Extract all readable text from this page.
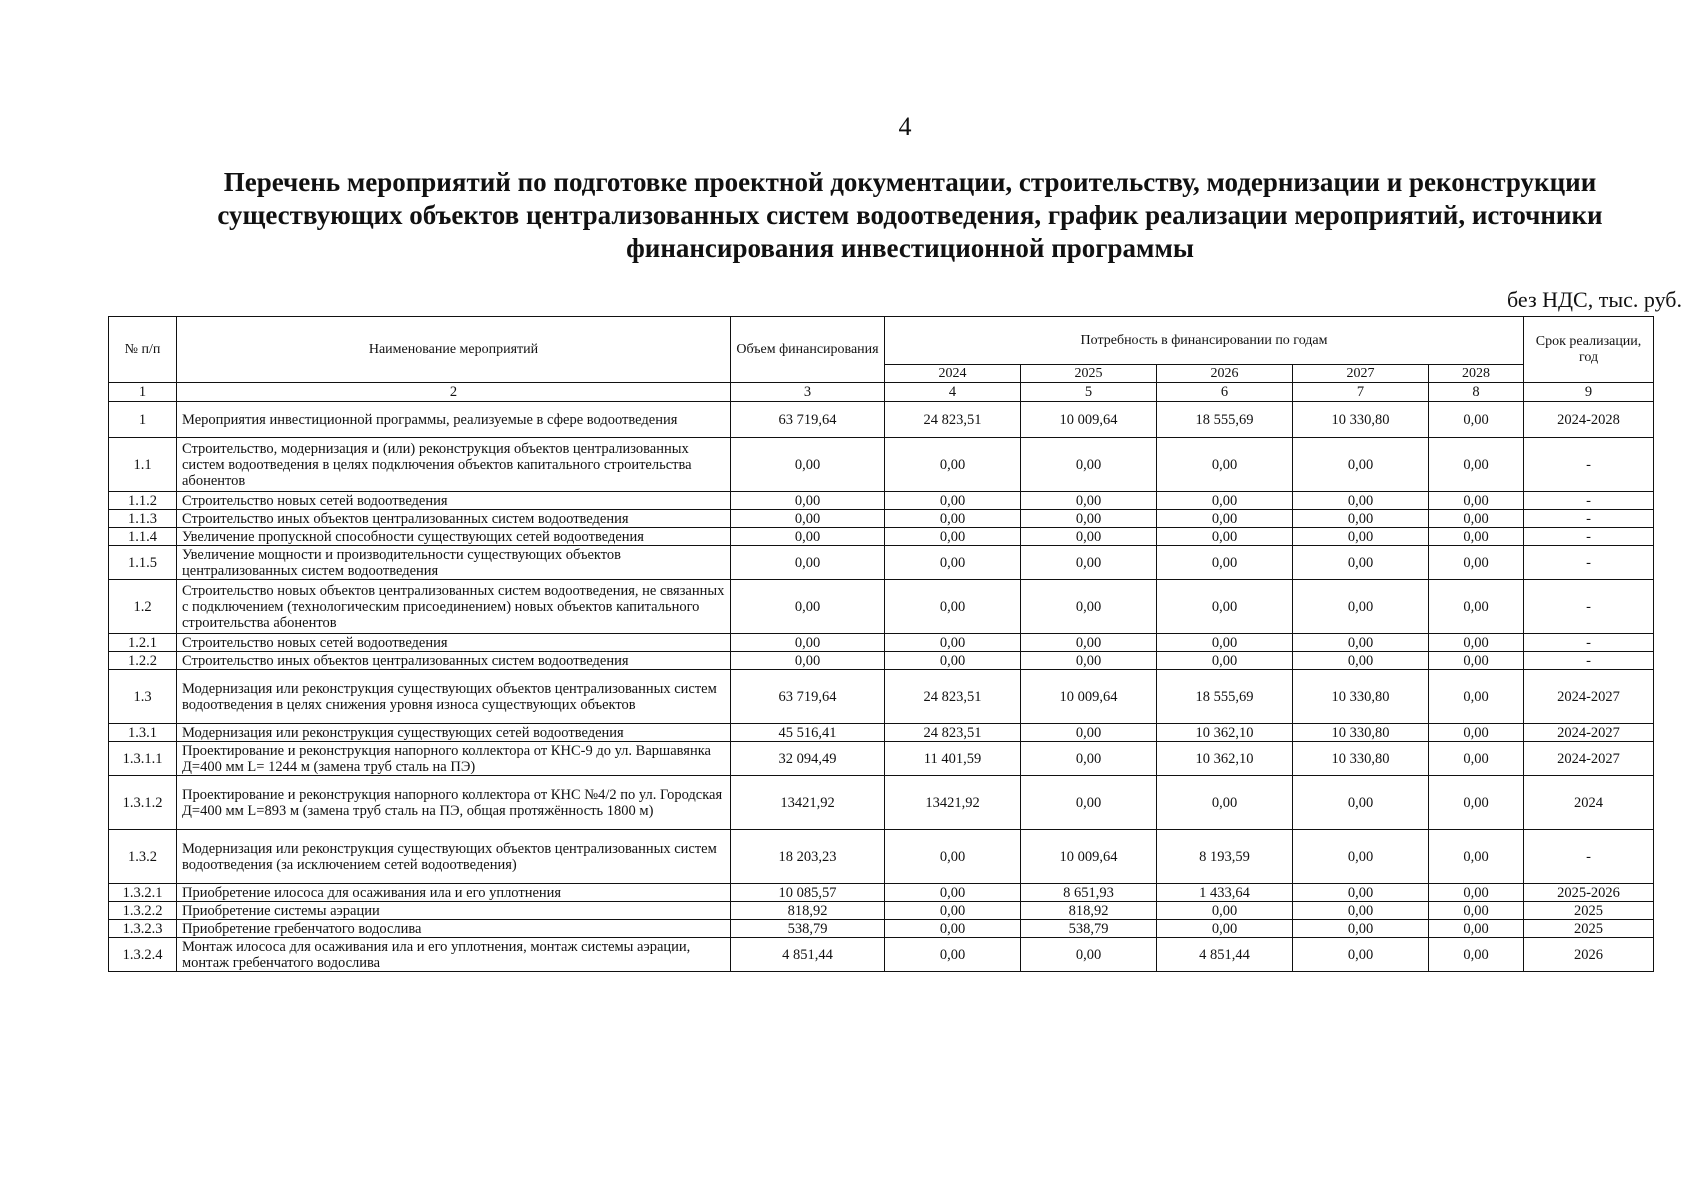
4
Перечень мероприятий по подготовке проектной документации, строительству, модернизации и реконструкции
существующих объектов централизованных систем водоотведения, график реализации мероприятий, источники
финансирования инвестиционной программы
без НДС, тыс. руб.
№ п/п	Наименование мероприятий	Объем финансирования	Потребность в финансировании по годам					Срок реализации, год
			2024	2025	2026	2027	2028	
1	2	3	4	5	6	7	8	9
1	Мероприятия инвестиционной программы, реализуемые в сфере водоотведения	63 719,64	24 823,51	10 009,64	18 555,69	10 330,80	0,00	2024-2028
1.1	Строительство, модернизация и (или) реконструкция объектов централизованных систем водоотведения в целях подключения объектов капитального строительства абонентов	0,00	0,00	0,00	0,00	0,00	0,00	-
1.1.2	Строительство новых сетей водоотведения	0,00	0,00	0,00	0,00	0,00	0,00	-
1.1.3	Строительство иных объектов централизованных систем водоотведения	0,00	0,00	0,00	0,00	0,00	0,00	-
1.1.4	Увеличение пропускной способности существующих сетей водоотведения	0,00	0,00	0,00	0,00	0,00	0,00	-
1.1.5	Увеличение мощности и производительности существующих объектов централизованных систем водоотведения	0,00	0,00	0,00	0,00	0,00	0,00	-
1.2	Строительство новых объектов централизованных систем водоотведения, не связанных с подключением (технологическим присоединением) новых объектов капитального строительства абонентов	0,00	0,00	0,00	0,00	0,00	0,00	-
1.2.1	Строительство новых сетей водоотведения	0,00	0,00	0,00	0,00	0,00	0,00	-
1.2.2	Строительство иных объектов централизованных систем водоотведения	0,00	0,00	0,00	0,00	0,00	0,00	-
1.3	Модернизация или реконструкция существующих объектов централизованных систем водоотведения в целях снижения уровня износа существующих объектов	63 719,64	24 823,51	10 009,64	18 555,69	10 330,80	0,00	2024-2027
1.3.1	Модернизация или реконструкция существующих сетей водоотведения	45 516,41	24 823,51	0,00	10 362,10	10 330,80	0,00	2024-2027
1.3.1.1	Проектирование и реконструкция напорного коллектора от КНС-9 до ул. Варшавянка Д=400 мм L= 1244 м (замена труб сталь на ПЭ)	32 094,49	11 401,59	0,00	10 362,10	10 330,80	0,00	2024-2027
1.3.1.2	Проектирование и реконструкция напорного коллектора от КНС №4/2 по ул. Городская Д=400 мм L=893 м (замена труб сталь на ПЭ, общая протяжённость 1800 м)	13421,92	13421,92	0,00	0,00	0,00	0,00	2024
1.3.2	Модернизация или реконструкция существующих объектов централизованных систем водоотведения (за исключением сетей водоотведения)	18 203,23	0,00	10 009,64	8 193,59	0,00	0,00	-
1.3.2.1	Приобретение илососа для осаживания ила и его уплотнения	10 085,57	0,00	8 651,93	1 433,64	0,00	0,00	2025-2026
1.3.2.2	Приобретение системы аэрации	818,92	0,00	818,92	0,00	0,00	0,00	2025
1.3.2.3	Приобретение гребенчатого водослива	538,79	0,00	538,79	0,00	0,00	0,00	2025
1.3.2.4	Монтаж илососа для осаживания ила и его уплотнения, монтаж системы аэрации, монтаж гребенчатого водослива	4 851,44	0,00	0,00	4 851,44	0,00	0,00	2026
